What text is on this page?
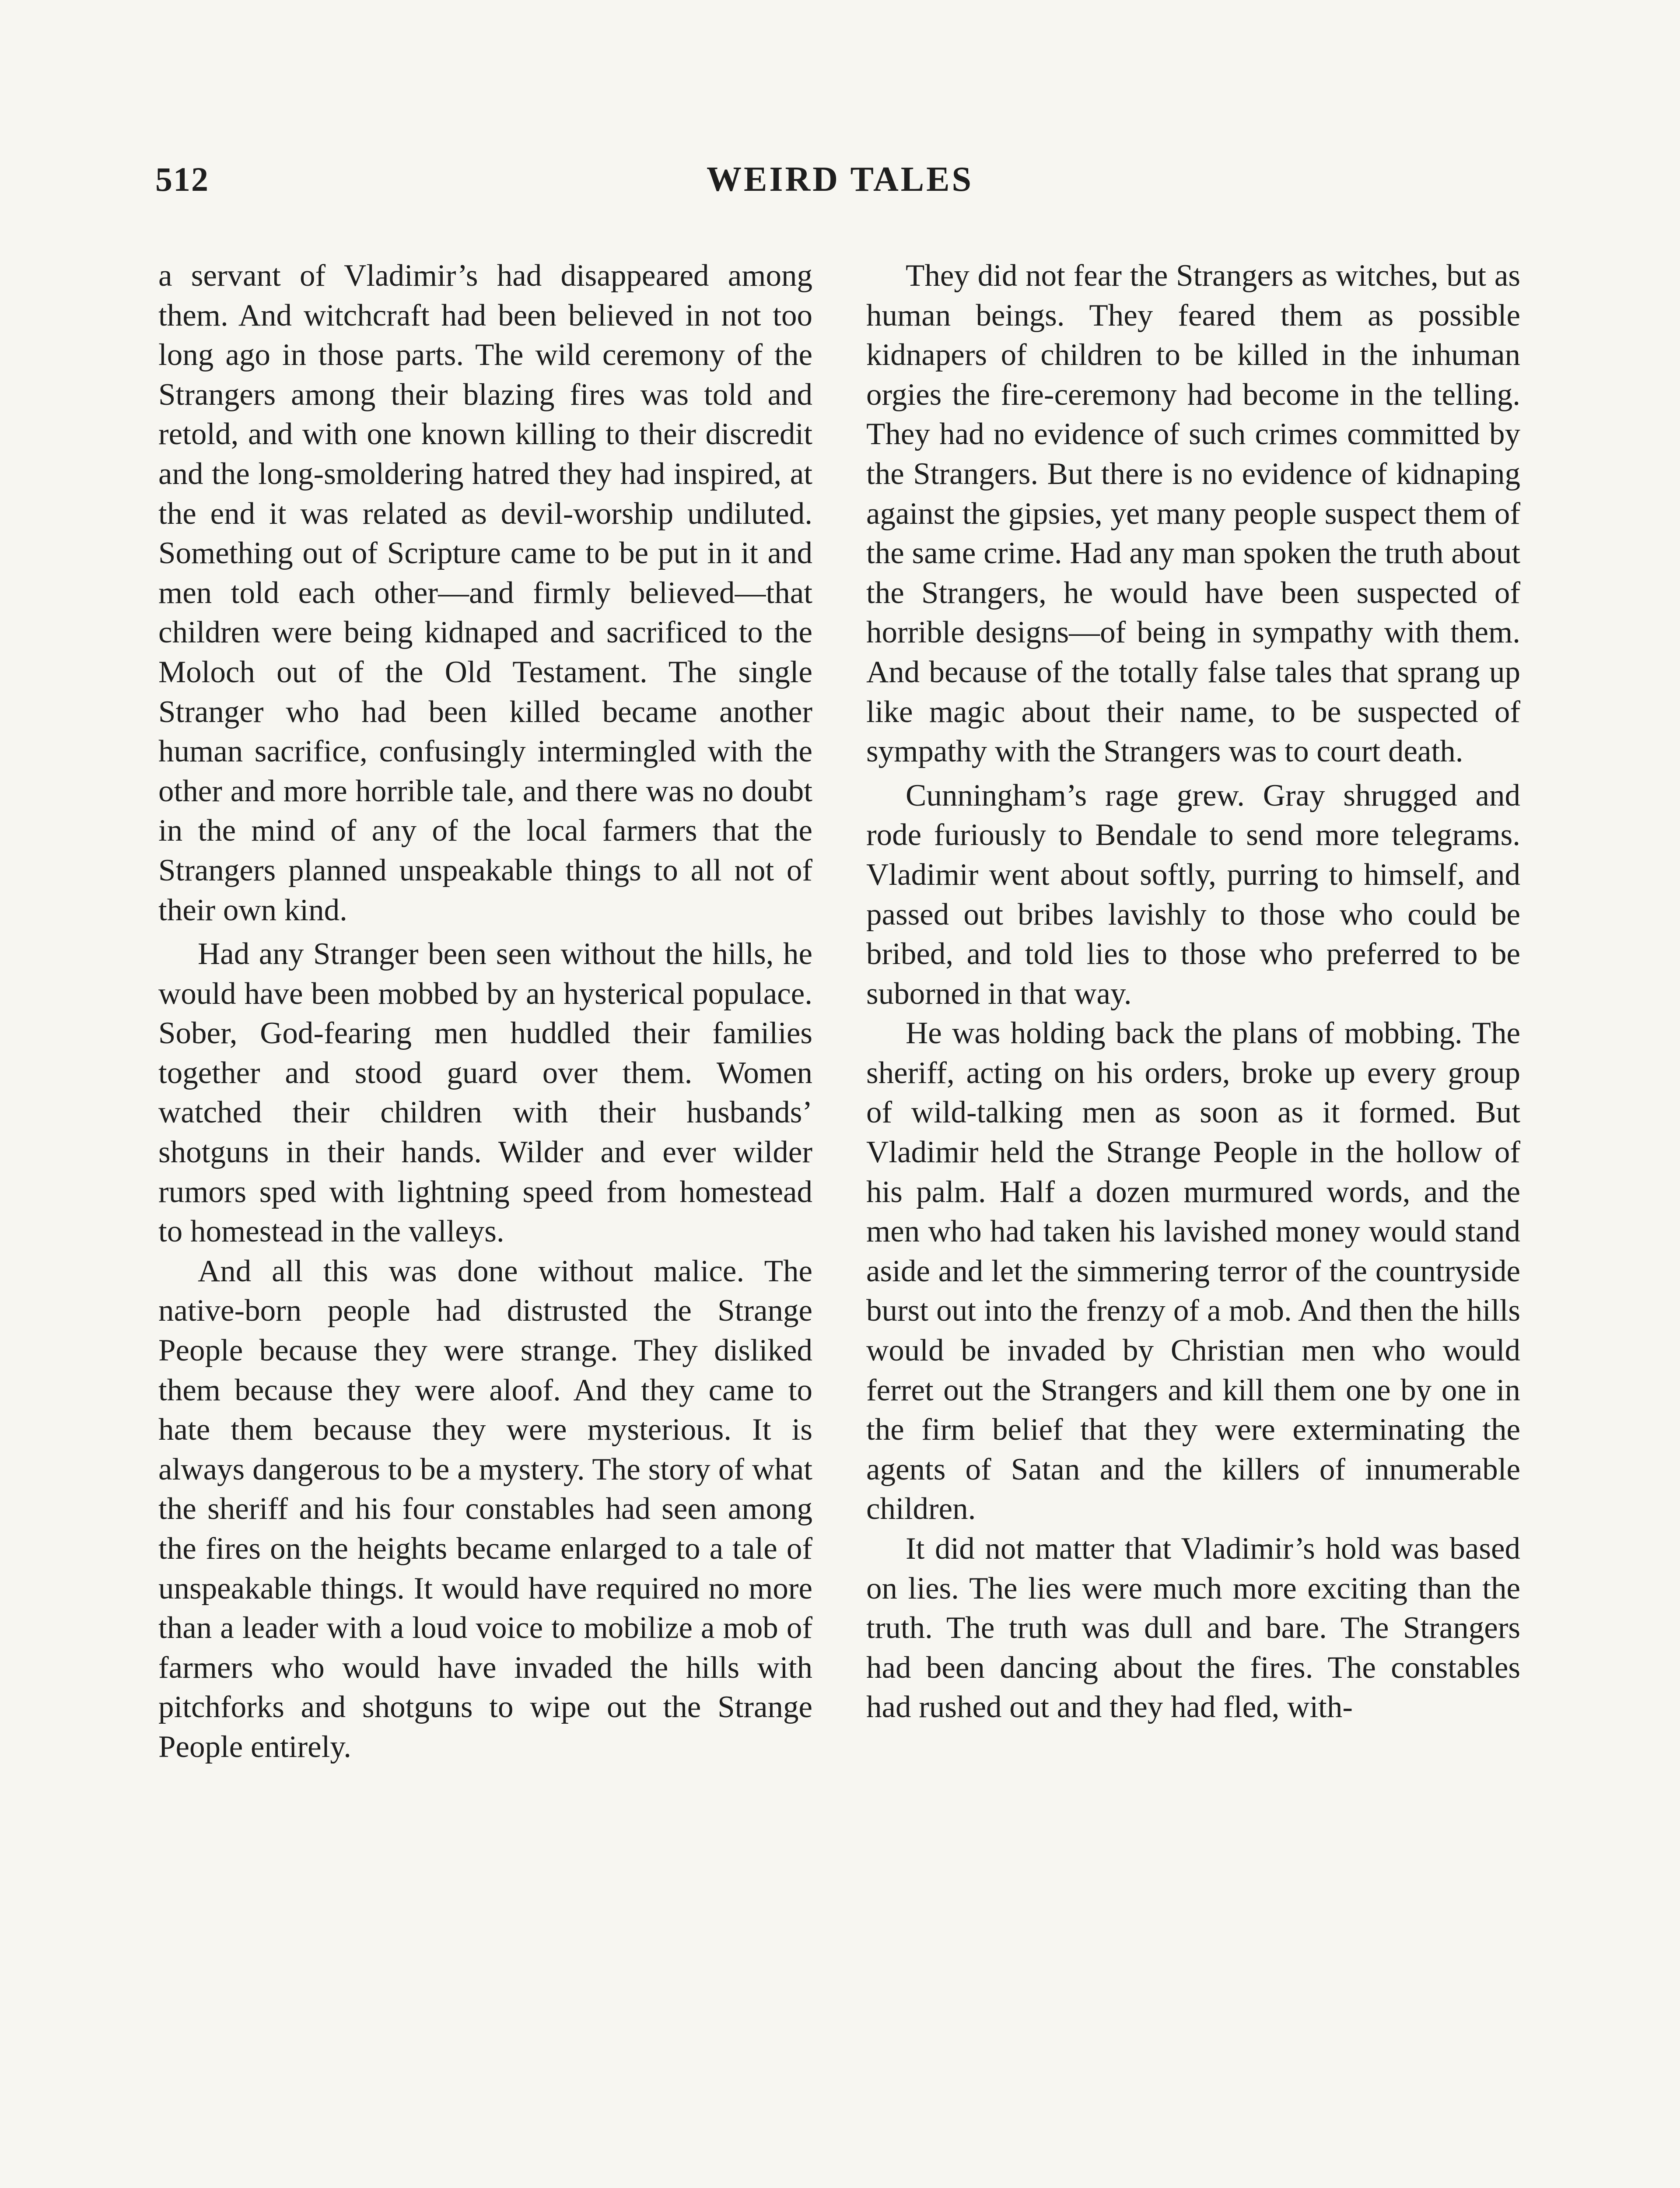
WEIRD TALES
512

a servant of Vladimir’s had disappeared among them. And witchcraft had been believed in not too long ago in those parts. The wild ceremony of the Strangers among their blazing fires was told and retold, and with one known killing to their discredit and the long-smoldering hatred they had inspired, at the end it was related as devil-worship undiluted. Something out of Scripture came to be put in it and men told each other—and firmly believed—that children were being kidnaped and sacrificed to the Moloch out of the Old Testament. The single Stranger who had been killed became another human sacrifice, confusingly intermingled with the other and more horrible tale, and there was no doubt in the mind of any of the local farmers that the Strangers planned unspeakable things to all not of their own kind.

Had any Stranger been seen without the hills, he would have been mobbed by an hysterical populace. Sober, God-fearing men huddled their families together and stood guard over them. Women watched their children with their husbands’ shotguns in their hands. Wilder and ever wilder rumors sped with lightning speed from homestead to homestead in the valleys.

And all this was done without malice. The native-born people had distrusted the Strange People because they were strange. They disliked them because they were aloof. And they came to hate them because they were mysterious. It is always dangerous to be a mystery. The story of what the sheriff and his four constables had seen among the fires on the heights became enlarged to a tale of unspeakable things. It would have required no more than a leader with a loud voice to mobilize a mob of farmers who would have invaded the hills with pitchforks and shotguns to wipe out the Strange People entirely.

They did not fear the Strangers as witches, but as human beings. They feared them as possible kidnapers of children to be killed in the inhuman orgies the fire-ceremony had become in the telling. They had no evidence of such crimes committed by the Strangers. But there is no evidence of kidnaping against the gipsies, yet many people suspect them of the same crime. Had any man spoken the truth about the Strangers, he would have been suspected of horrible designs—of being in sympathy with them. And because of the totally false tales that sprang up like magic about their name, to be suspected of sympathy with the Strangers was to court death.

Cunningham’s rage grew. Gray shrugged and rode furiously to Bendale to send more telegrams. Vladimir went about softly, purring to himself, and passed out bribes lavishly to those who could be bribed, and told lies to those who preferred to be suborned in that way.

He was holding back the plans of mobbing. The sheriff, acting on his orders, broke up every group of wild-talking men as soon as it formed. But Vladimir held the Strange People in the hollow of his palm. Half a dozen murmured words, and the men who had taken his lavished money would stand aside and let the simmering terror of the countryside burst out into the frenzy of a mob. And then the hills would be invaded by Christian men who would ferret out the Strangers and kill them one by one in the firm belief that they were exterminating the agents of Satan and the killers of innumerable children.

It did not matter that Vladimir’s hold was based on lies. The lies were much more exciting than the truth. The truth was dull and bare. The Strangers had been dancing about the fires. The constables had rushed out and they had fled, with-
